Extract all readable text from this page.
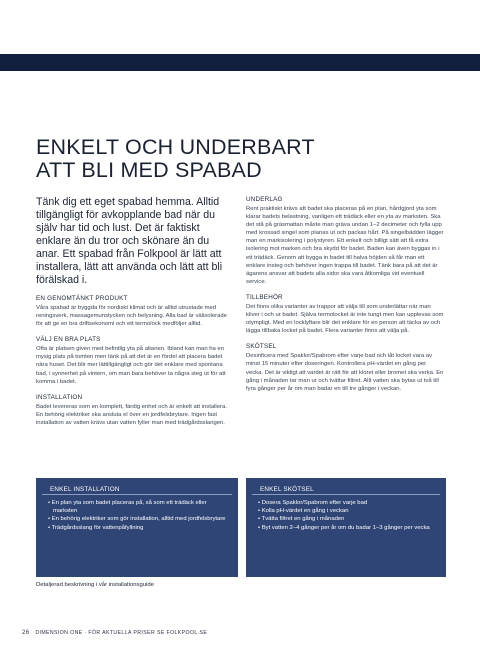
ENKELT OCH UNDERBART
ATT BLI MED SPABAD

Tänk dig ett eget spabad hemma. Alltid tillgängligt för avkopplande bad när du själv har tid och lust. Det är faktiskt enklare än du tror och skönare än du anar. Ett spabad från Folkpool är lätt att installera, lätt att använda och lätt att bli förälskad i.

EN GENOMTÄNKT PRODUKT

Våra spabad är byggda för nordiskt klimat och är alltid utrustade med reningsverk, massagemunstycken och belysning. Alla bad är välisolerade för att ge en bra driftsekonomi och ett termolock medföljer alltid.

VÄLJ EN BRA PLATS

Ofta är platsen given med befintlig yta på altanen. Ibland kan man ha en mysig plats på tomten men tänk på att det är en fördel att placera badet nära huset. Det blir mer lättillgängligt och gör det enklare med spontana bad, i synnerhet på vintern, om man bara behöver ta några steg ut för att komma i badet.

INSTALLATION

Badet levereras som en komplett, färdig enhet och är enkelt att installera. En behörig elektriker ska ansluta el över en jordfelsbrytare. Ingen fast installation av vatten krävs utan vatten fyller man med trädgårdsslangen.

UNDERLAG

Rent praktiskt krävs att badet ska placeras på en plan, hårdgjord yta som klarar badets belastning, vanligen ett trädäck eller en yta av marksten. Ska det stå på gräsmattan måste man gräva undan 1–2 decimeter och fylla upp med krossad singel som planas ut och packas hårt. På singelbädden lägger man en markisolering i polystyren. Ett enkelt och billigt sätt att få extra isolering mot marken och bra skydd för badet. Baden kan även byggas in i ett trädäck. Genom att bygga in badet till halva höjden så får man ett enklare insteg och behöver ingen trappa till badet. Tänk bara på att det är ägarens ansvar att badets alla sidor ska vara åtkomliga vid eventuell service.

TILLBEHÖR

Det finns olika varianter av trappor att välja till som underlättar när man kliver i och ur badet. Själva termolocket är inte tungt men kan upplevas som otympligt. Med en locklyftare blir det enklare för en person att täcka av och lägga tillbaka locket på badet. Flera varianter finns att välja på.

SKÖTSEL

Desinficera med Spaklor/Spabrom efter varje bad och låt locket vara av minst 15 minuter efter doseringen. Kontrollera pH-värdet en gång per vecka. Det är viktigt att vardet är rätt för att kloret eller bromet ska verka. En gång i månaden tar man ur och tvättar filtret. Allt vatten ska bytas ut två till fyra gånger per år om man badar en till tre gånger i veckan.

ENKEL INSTALLATION
• En plan yta som badet placeras på, så som ett trädäck eller marksten
• En behörig elektriker som gör installation, alltid med jordfelsbrytare
• Trädgårdsslang för vattenpåfyllning
ENKEL SKÖTSEL
• Dosera Spaklor/Spabrom efter varje bad
• Kolla pH-värdet en gång i veckan
• Tvätta filtret en gång i månaden
• Byt vatten 2–4 gånger per år om du badar 1–3 gånger per vecka
Detaljerad beskrivning i vår installationsguide
26 DIMENSION ONE · FÖR AKTUELLA PRISER SE FOLKPOOL.SE
